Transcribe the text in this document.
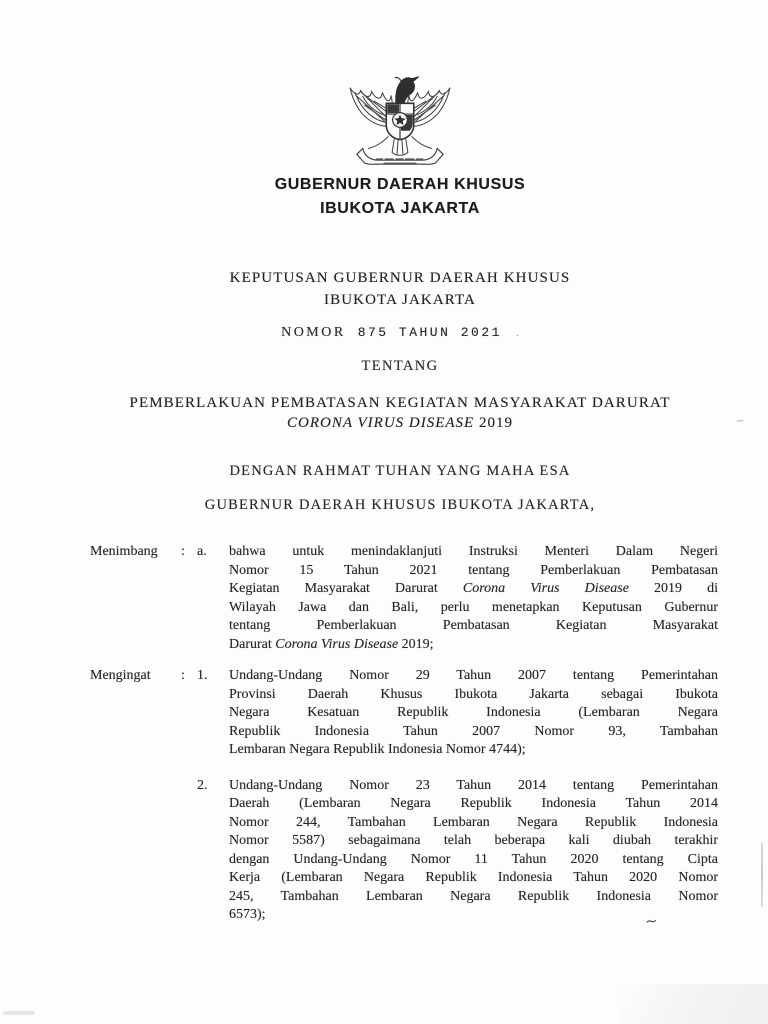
GUBERNUR DAERAH KHUSUS
IBUKOTA JAKARTA
KEPUTUSAN GUBERNUR DAERAH KHUSUS
IBUKOTA JAKARTA
NOMOR 875 TAHUN 2021 .
TENTANG
PEMBERLAKUAN PEMBATASAN KEGIATAN MASYARAKAT DARURAT
CORONA VIRUS DISEASE 2019
DENGAN RAHMAT TUHAN YANG MAHA ESA
GUBERNUR DAERAH KHUSUS IBUKOTA JAKARTA,
Menimbang	: a.	bahwa untuk menindaklanjuti Instruksi Menteri Dalam Negeri
Nomor 15 Tahun 2021 tentang Pemberlakuan Pembatasan
Kegiatan Masyarakat Darurat Corona Virus Disease 2019 di
Wilayah Jawa dan Bali, perlu menetapkan Keputusan Gubernur
tentang Pemberlakuan Pembatasan Kegiatan Masyarakat
Darurat Corona Virus Disease 2019;
Mengingat	: 1.	Undang-Undang Nomor 29 Tahun 2007 tentang Pemerintahan
Provinsi Daerah Khusus Ibukota Jakarta sebagai Ibukota
Negara Kesatuan Republik Indonesia (Lembaran Negara
Republik Indonesia Tahun 2007 Nomor 93, Tambahan
Lembaran Negara Republik Indonesia Nomor 4744);
2.	Undang-Undang Nomor 23 Tahun 2014 tentang Pemerintahan
Daerah (Lembaran Negara Republik Indonesia Tahun 2014
Nomor 244, Tambahan Lembaran Negara Republik Indonesia
Nomor 5587) sebagaimana telah beberapa kali diubah terakhir
dengan Undang-Undang Nomor 11 Tahun 2020 tentang Cipta
Kerja (Lembaran Negara Republik Indonesia Tahun 2020 Nomor
245, Tambahan Lembaran Negara Republik Indonesia Nomor
6573);
~
~
